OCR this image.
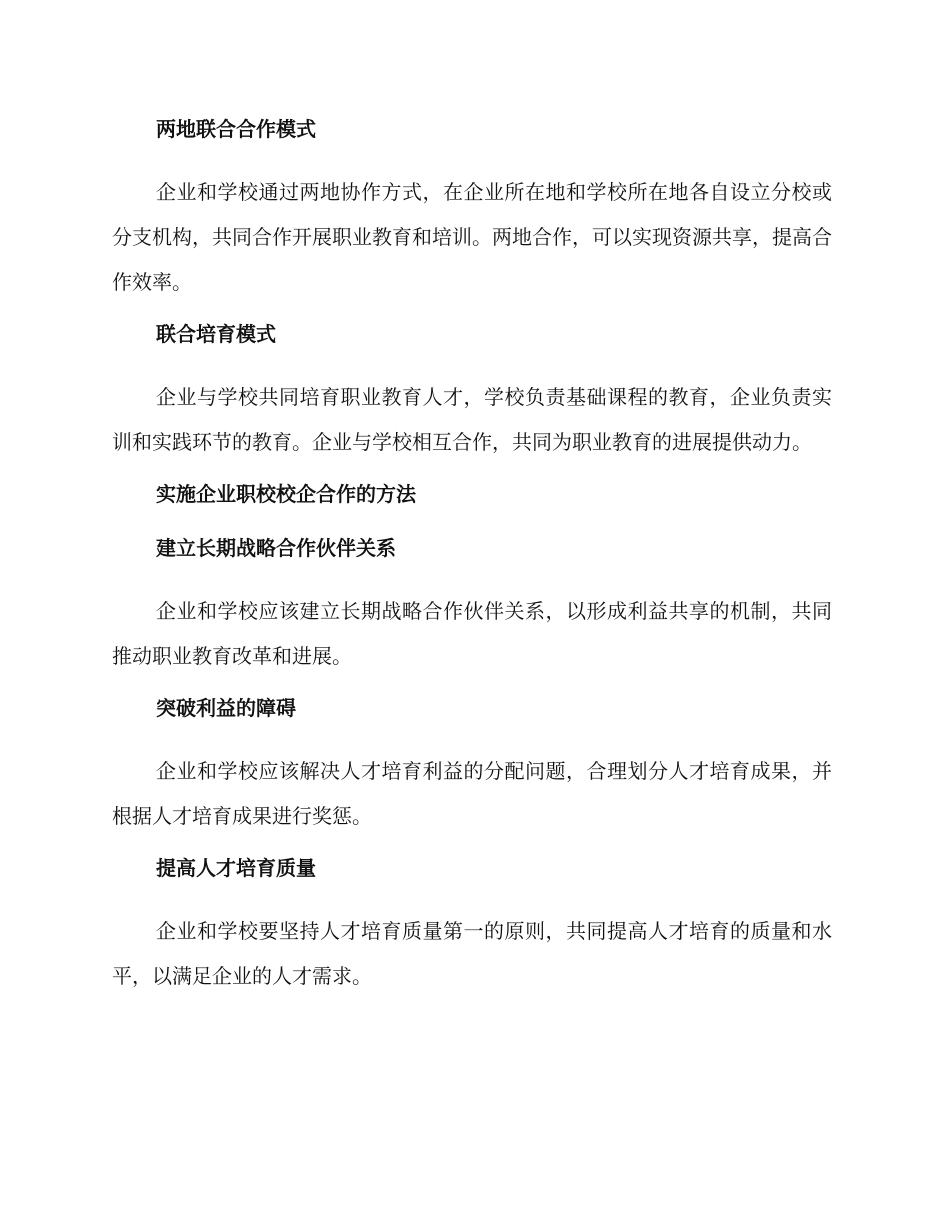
两地联合合作模式

企业和学校通过两地协作方式，在企业所在地和学校所在地各自设立分校或分支机构，共同合作开展职业教育和培训。两地合作，可以实现资源共享，提高合作效率。

联合培育模式

企业与学校共同培育职业教育人才，学校负责基础课程的教育，企业负责实训和实践环节的教育。企业与学校相互合作，共同为职业教育的进展提供动力。

实施企业职校校企合作的方法
建立长期战略合作伙伴关系

企业和学校应该建立长期战略合作伙伴关系，以形成利益共享的机制，共同推动职业教育改革和进展。

突破利益的障碍

企业和学校应该解决人才培育利益的分配问题，合理划分人才培育成果，并根据人才培育成果进行奖惩。

提高人才培育质量

企业和学校要坚持人才培育质量第一的原则，共同提高人才培育的质量和水平，以满足企业的人才需求。
